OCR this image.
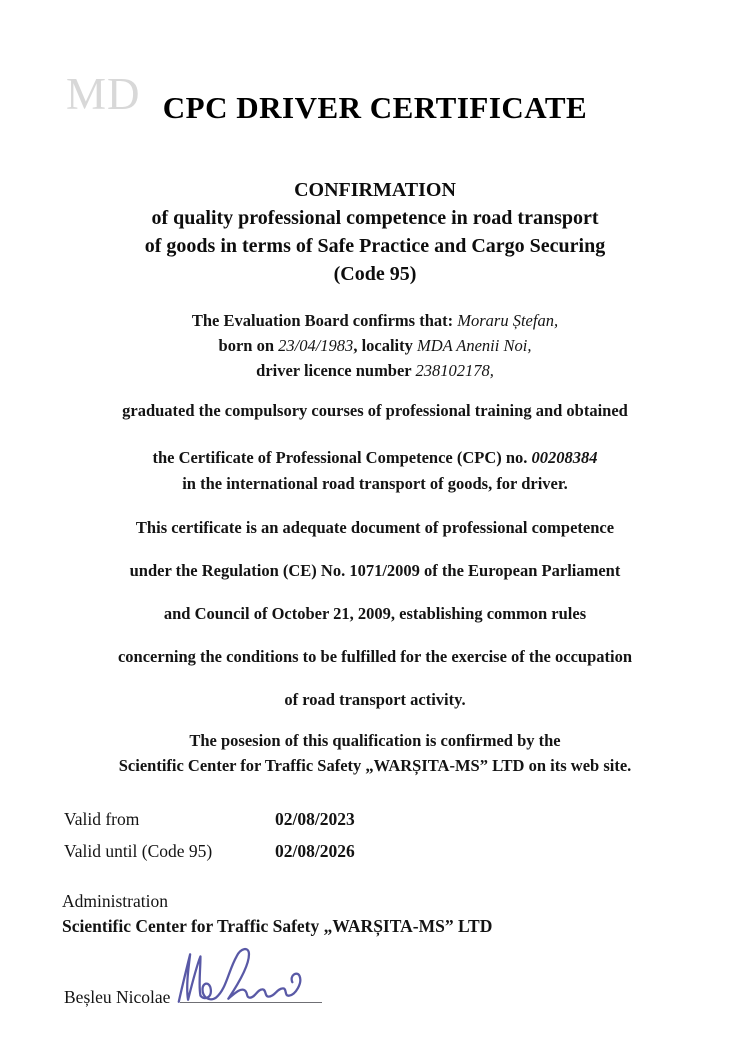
MD CPC DRIVER CERTIFICATE
CONFIRMATION
of quality professional competence in road transport
of goods in terms of Safe Practice and Cargo Securing
(Code 95)
The Evaluation Board confirms that: Moraru Ștefan,
born on 23/04/1983, locality MDA Anenii Noi,
driver licence number 238102178,

graduated the compulsory courses of professional training and obtained

the Certificate of Professional Competence (CPC) no. 00208384
in the international road transport of goods, for driver.

This certificate is an adequate document of professional competence

under the Regulation (CE) No. 1071/2009 of the European Parliament

and Council of October 21, 2009, establishing common rules

concerning the conditions to be fulfilled for the exercise of the occupation

of road transport activity.

The posesion of this qualification is confirmed by the
Scientific Center for Traffic Safety „WARȘITA-MS” LTD on its web site.
Valid from	02/08/2023
Valid until (Code 95)	02/08/2026
Administration
Scientific Center for Traffic Safety „WARȘITA-MS” LTD
Beșleu Nicolae
